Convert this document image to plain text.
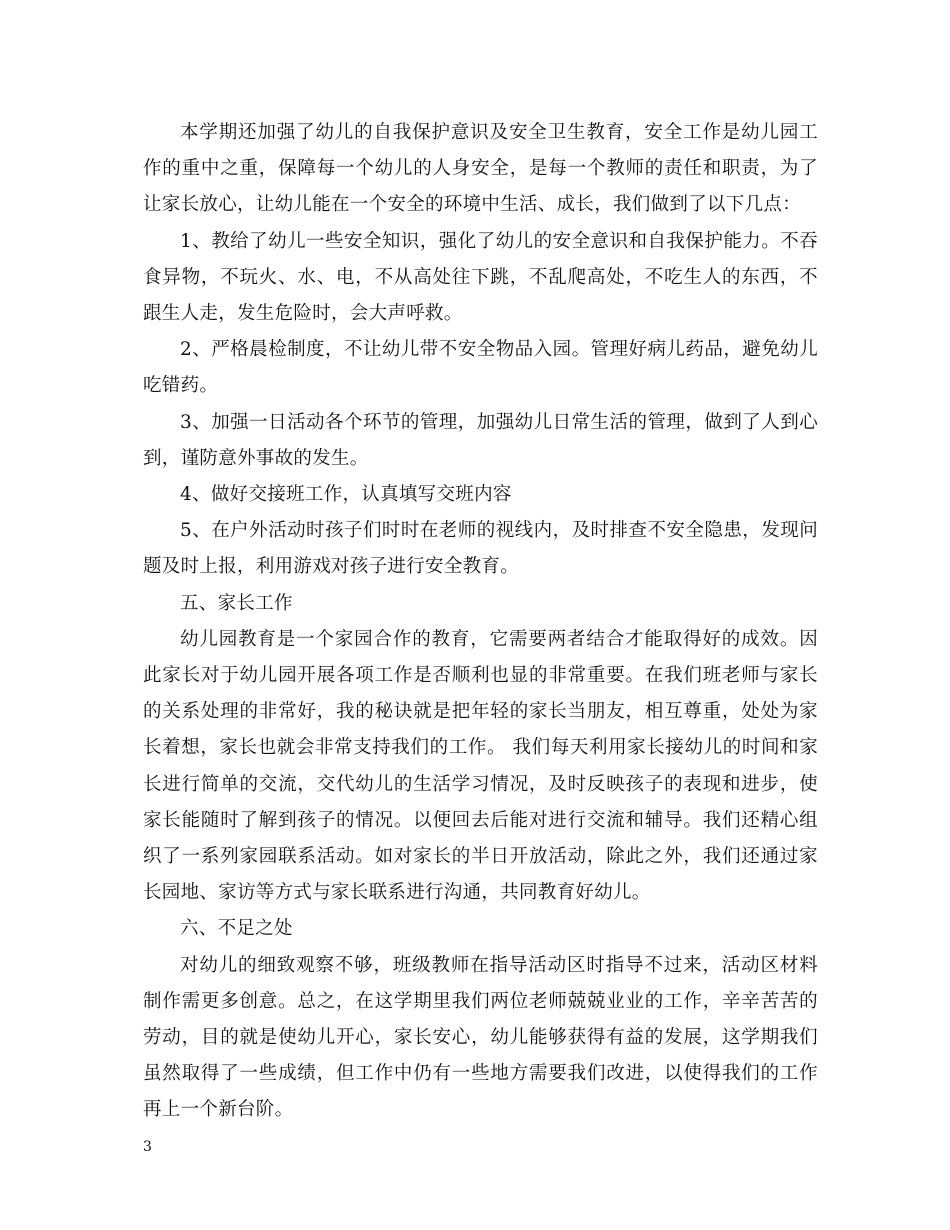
本学期还加强了幼儿的自我保护意识及安全卫生教育，安全工作是幼儿园工作的重中之重，保障每一个幼儿的人身安全，是每一个教师的责任和职责，为了让家长放心，让幼儿能在一个安全的环境中生活、成长，我们做到了以下几点：

1、教给了幼儿一些安全知识，强化了幼儿的安全意识和自我保护能力。不吞食异物，不玩火、水、电，不从高处往下跳，不乱爬高处，不吃生人的东西，不跟生人走，发生危险时，会大声呼救。

2、严格晨检制度，不让幼儿带不安全物品入园。管理好病儿药品，避免幼儿吃错药。

3、加强一日活动各个环节的管理，加强幼儿日常生活的管理，做到了人到心到，谨防意外事故的发生。

4、做好交接班工作，认真填写交班内容

5、在户外活动时孩子们时时在老师的视线内，及时排查不安全隐患，发现问题及时上报，利用游戏对孩子进行安全教育。

五、家长工作

幼儿园教育是一个家园合作的教育，它需要两者结合才能取得好的成效。因此家长对于幼儿园开展各项工作是否顺利也显的非常重要。在我们班老师与家长的关系处理的非常好，我的秘诀就是把年轻的家长当朋友，相互尊重，处处为家长着想，家长也就会非常支持我们的工作。 我们每天利用家长接幼儿的时间和家长进行简单的交流，交代幼儿的生活学习情况，及时反映孩子的表现和进步，使家长能随时了解到孩子的情况。以便回去后能对进行交流和辅导。我们还精心组织了一系列家园联系活动。如对家长的半日开放活动，除此之外，我们还通过家长园地、家访等方式与家长联系进行沟通，共同教育好幼儿。

六、不足之处

对幼儿的细致观察不够，班级教师在指导活动区时指导不过来，活动区材料制作需更多创意。总之，在这学期里我们两位老师兢兢业业的工作，辛辛苦苦的劳动，目的就是使幼儿开心，家长安心，幼儿能够获得有益的发展，这学期我们虽然取得了一些成绩，但工作中仍有一些地方需要我们改进，以使得我们的工作再上一个新台阶。

3
